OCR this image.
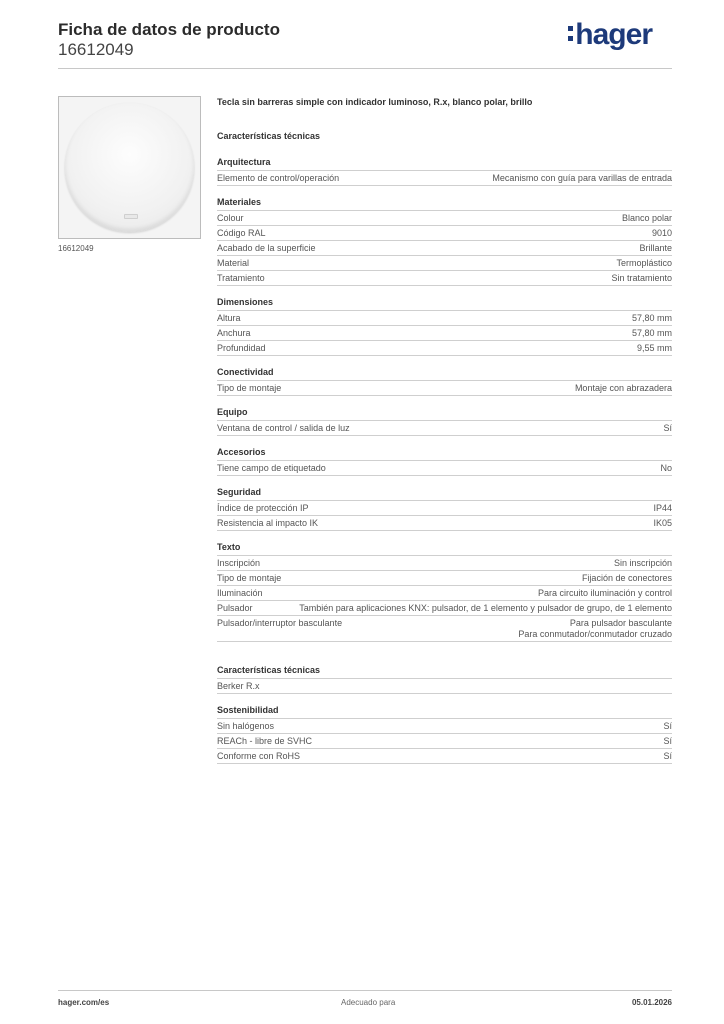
Ficha de datos de producto
16612049	hager
16612049
Tecla sin barreras simple con indicador luminoso, R.x, blanco polar, brillo
Características técnicas
Arquitectura
Elemento de control/operación	Mecanismo con guía para varillas de entrada
Materiales
Colour	Blanco polar
Código RAL	9010
Acabado de la superficie	Brillante
Material	Termoplástico
Tratamiento	Sin tratamiento
Dimensiones
Altura	57,80 mm
Anchura	57,80 mm
Profundidad	9,55 mm
Conectividad
Tipo de montaje	Montaje con abrazadera
Equipo
Ventana de control / salida de luz	Sí
Accesorios
Tiene campo de etiquetado	No
Seguridad
Índice de protección IP	IP44
Resistencia al impacto IK	IK05
Texto
Inscripción	Sin inscripción
Tipo de montaje	Fijación de conectores
Iluminación	Para circuito iluminación y control
Pulsador	También para aplicaciones KNX: pulsador, de 1 elemento y pulsador de grupo, de 1 elemento
Pulsador/interruptor basculante	Para pulsador basculante
Para conmutador/conmutador cruzado
Características técnicas
Berker R.x
Sostenibilidad
Sin halógenos	Sí
REACh - libre de SVHC	Sí
Conforme con RoHS	Sí
hager.com/es	Adecuado para	05.01.2026
